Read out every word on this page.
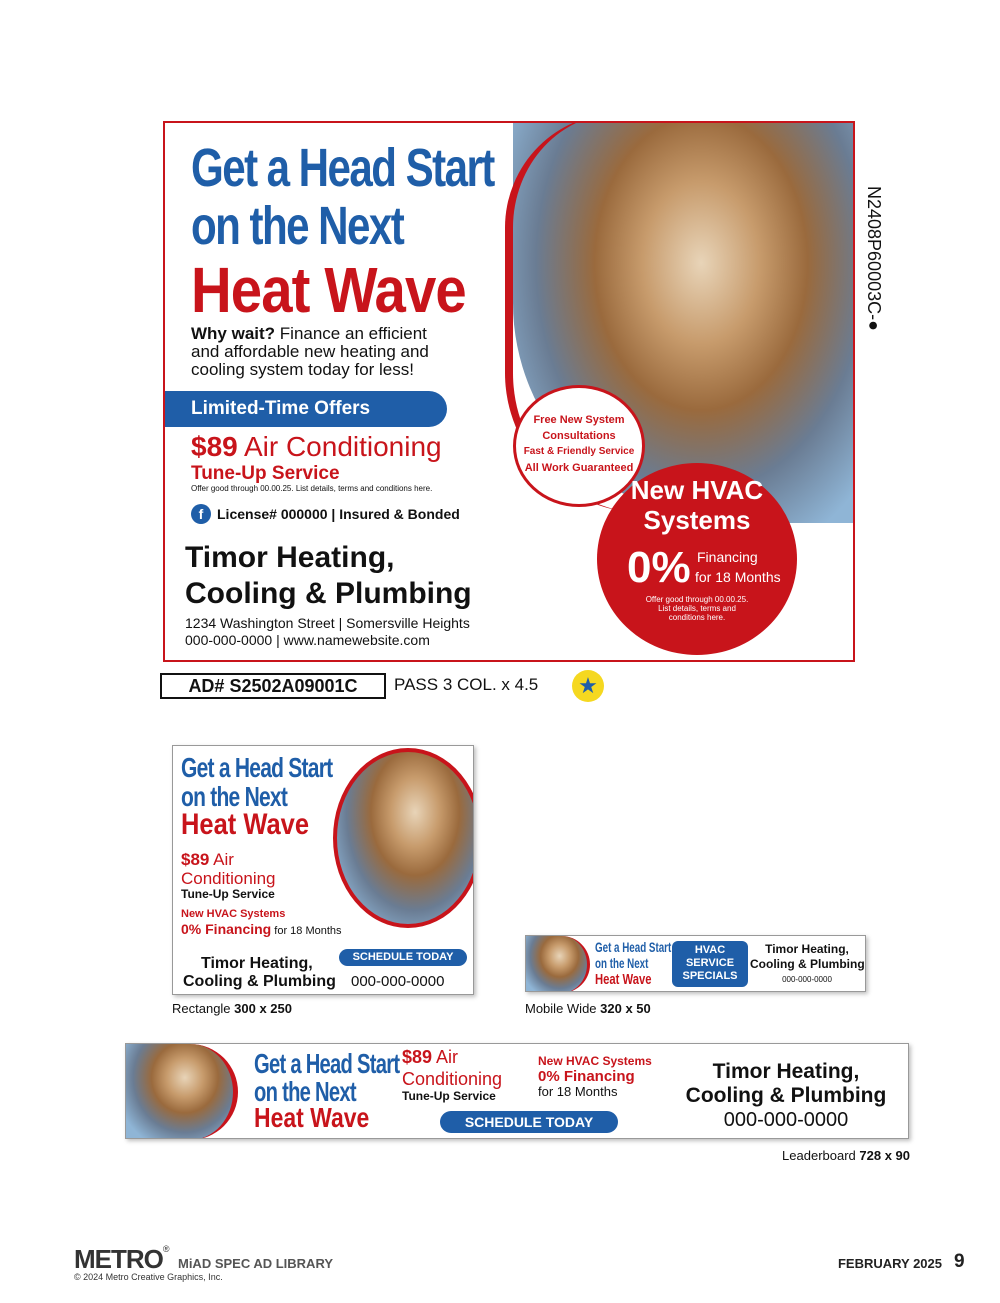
Get a Head Start
on the Next
Heat Wave
Why wait? Finance an efficient
and affordable new heating and
cooling system today for less!
Limited-Time Offers
$89 Air Conditioning
Tune-Up Service
Offer good through 00.00.25. List details, terms and conditions here.
f License# 000000 | Insured & Bonded
Timor Heating,
Cooling & Plumbing
1234 Washington Street | Somersville Heights
000-000-0000 | www.namewebsite.com
Free New System
Consultations
Fast & Friendly Service
All Work Guaranteed
New HVAC
Systems
0% Financing
for 18 Months
Offer good through 00.00.25.
List details, terms and
conditions here.
N2408P60003C-●
AD# S2502A09001C	PASS 3 COL. x 4.5 ★
Get a Head Start
on the Next
Heat Wave
$89 Air
Conditioning
Tune-Up Service
New HVAC Systems
0% Financing for 18 Months
Timor Heating,
Cooling & Plumbing
SCHEDULE TODAY
000-000-0000
Rectangle 300 x 250
Get a Head Start
on the Next
Heat Wave
HVAC
SERVICE
SPECIALS
Timor Heating,
Cooling & Plumbing
000-000-0000
Mobile Wide 320 x 50
Get a Head Start
on the Next
Heat Wave
$89 Air
Conditioning
Tune-Up Service
New HVAC Systems
0% Financing
for 18 Months
SCHEDULE TODAY
Timor Heating,
Cooling & Plumbing
000-000-0000
Leaderboard 728 x 90
METRO® MiAD SPEC AD LIBRARY
© 2024 Metro Creative Graphics, Inc.
FEBRUARY 2025 9
